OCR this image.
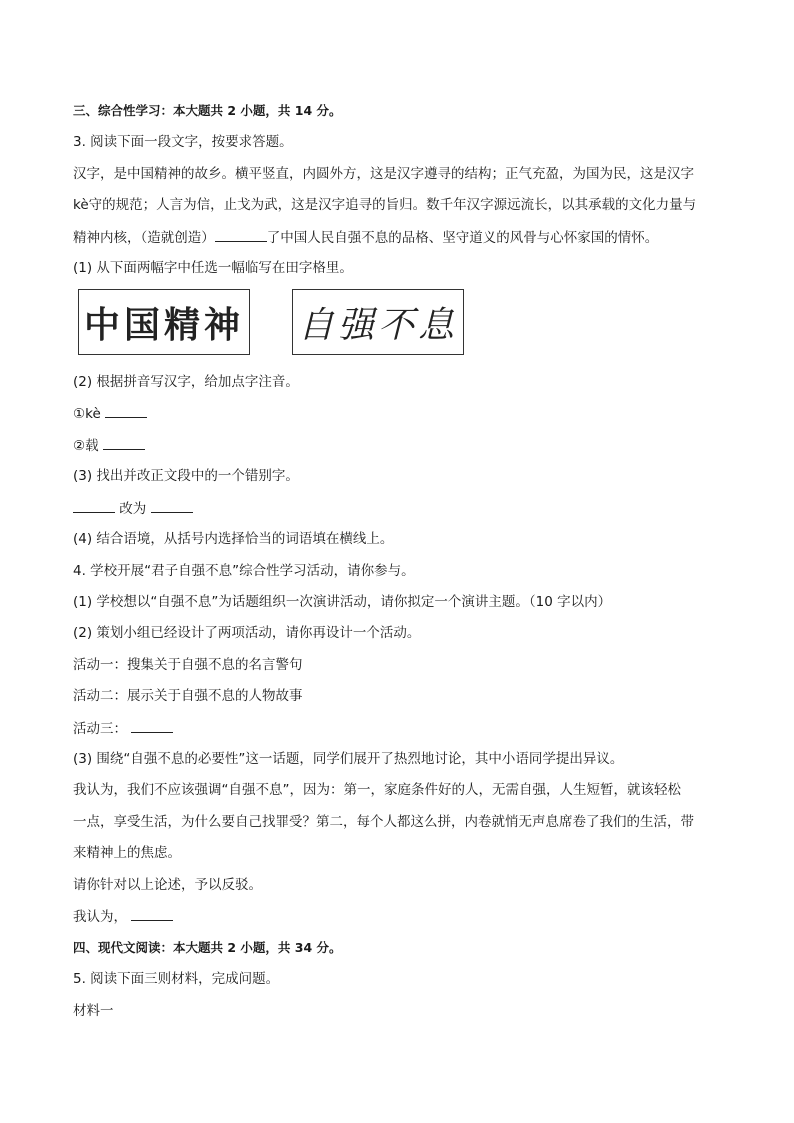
三、综合性学习：本大题共 2 小题，共 14 分。
3. 阅读下面一段文字，按要求答题。
汉字，是中国精神的故乡。横平竖直，内圆外方，这是汉字遵寻的结构；正气充盈，为国为民，这是汉字
kè守的规范；人言为信，止戈为武，这是汉字追寻的旨归。数千年汉字源远流长，以其承载的文化力量与
精神内核，（造就创造）	了中国人民自强不息的品格、坚守道义的风骨与心怀家国的情怀。
(1) 从下面两幅字中任选一幅临写在田字格里。
中国精神 自强不息
(2) 根据拼音写汉字，给加点字注音。
①kè
②载
(3) 找出并改正文段中的一个错别字。
改为
(4) 结合语境，从括号内选择恰当的词语填在横线上。
4. 学校开展“君子自强不息”综合性学习活动，请你参与。
(1) 学校想以“自强不息”为话题组织一次演讲活动，请你拟定一个演讲主题。（10 字以内）
(2) 策划小组已经设计了两项活动，请你再设计一个活动。
活动一：搜集关于自强不息的名言警句
活动二：展示关于自强不息的人物故事
活动三：
(3) 围绕“自强不息的必要性”这一话题，同学们展开了热烈地讨论，其中小语同学提出异议。
我认为，我们不应该强调“自强不息”，因为：第一，家庭条件好的人，无需自强，人生短暂，就该轻松
一点，享受生活，为什么要自己找罪受？第二，每个人都这么拼，内卷就悄无声息席卷了我们的生活，带
来精神上的焦虑。
请你针对以上论述，予以反驳。
我认为，
四、现代文阅读：本大题共 2 小题，共 34 分。
5. 阅读下面三则材料，完成问题。
材料一
